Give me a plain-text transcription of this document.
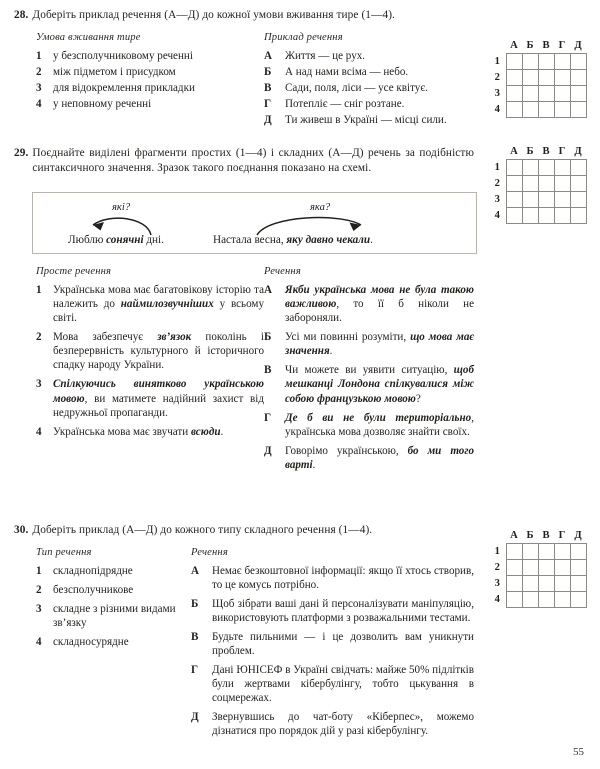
28. Доберіть приклад речення (А—Д) до кожної умови вживання тире (1—4).
Умова вживання тире
1	у безсполучниковому реченні
2	між підметом і присудком
3	для відокремлення прикладки
4	у неповному реченні
Приклад речення
А	Життя — це рух.
Б	А над нами всіма — небо.
В	Сади, поля, ліси — усе квітує.
Г	Потепліє — сніг розтане.
Д	Ти живеш в Україні — місці сили.
	А	Б	В	Г	Д
1					
2					
3					
4					
29. Поєднайте виділені фрагменти простих (1—4) і складних (А—Д) речень за подібністю синтаксичного значення. Зразок такого поєднання показано на схемі.
які?
Люблю сонячні дні.
яка?
Настала весна, яку давно чекали.
	А	Б	В	Г	Д
1					
2					
3					
4					
Просте речення
1	Українська мова має багатовікову історію та належить до наймилозвучніших у всьому світі.
2	Мова забезпечує зв’язок поколінь і безперервність культурного й історичного спадку народу України.
3	Спілкуючись винятково українською мовою, ви матимете надійний захист від недружньої пропаганди.
4	Українська мова має звучати всюди.
Речення
А	Якби українська мова не була такою важливою, то її б ніколи не забороняли.
Б	Усі ми повинні розуміти, що мова має значення.
В	Чи можете ви уявити ситуацію, щоб мешканці Лондона спілкувалися між собою французькою мовою?
Г	Де б ви не були територіально, українська мова дозволяє знайти своїх.
Д	Говорімо українською, бо ми того варті.
30. Доберіть приклад (А—Д) до кожного типу складного речення (1—4).
Тип речення
1	складнопідрядне
2	безсполучникове
3	складне з різними видами зв’язку
4	складносурядне
Речення
А	Немає безкоштовної інформації: якщо її хтось створив, то це комусь потрібно.
Б	Щоб зібрати ваші дані й персоналізувати маніпуляцію, використовують платформи з розважальними тестами.
В	Будьте пильними — і це дозволить вам уникнути проблем.
Г	Дані ЮНІСЕФ в Україні свідчать: майже 50% підлітків були жертвами кібербулінгу, тобто цькування в соцмережах.
Д	Звернувшись до чат-боту «Кіберпес», можемо дізнатися про порядок дій у разі кібербулінгу.
	А	Б	В	Г	Д
1					
2					
3					
4					
55
